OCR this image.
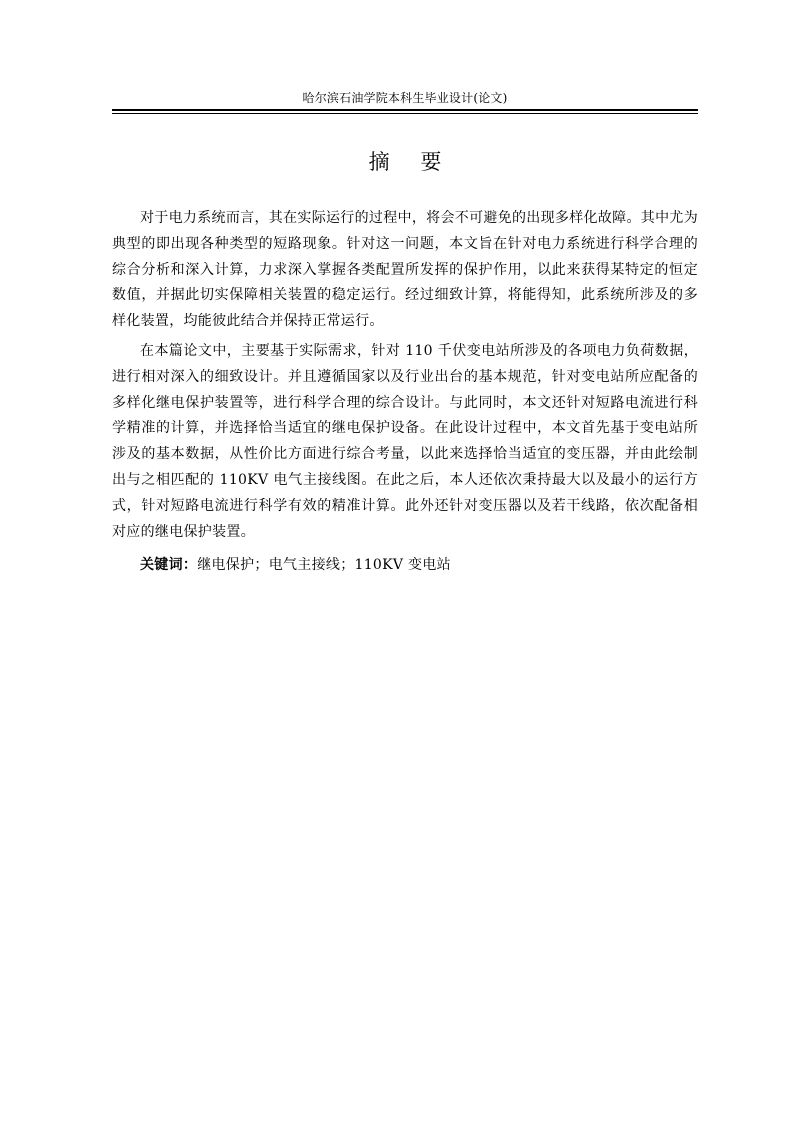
哈尔滨石油学院本科生毕业设计(论文)
摘 要

对于电力系统而言，其在实际运行的过程中，将会不可避免的出现多样化故障。其中尤为典型的即出现各种类型的短路现象。针对这一问题，本文旨在针对电力系统进行科学合理的综合分析和深入计算，力求深入掌握各类配置所发挥的保护作用，以此来获得某特定的恒定数值，并据此切实保障相关装置的稳定运行。经过细致计算，将能得知，此系统所涉及的多样化装置，均能彼此结合并保持正常运行。

在本篇论文中，主要基于实际需求，针对 110 千伏变电站所涉及的各项电力负荷数据，进行相对深入的细致设计。并且遵循国家以及行业出台的基本规范，针对变电站所应配备的多样化继电保护装置等，进行科学合理的综合设计。与此同时，本文还针对短路电流进行科学精准的计算，并选择恰当适宜的继电保护设备。在此设计过程中，本文首先基于变电站所涉及的基本数据，从性价比方面进行综合考量，以此来选择恰当适宜的变压器，并由此绘制出与之相匹配的 110KV 电气主接线图。在此之后，本人还依次秉持最大以及最小的运行方式，针对短路电流进行科学有效的精准计算。此外还针对变压器以及若干线路，依次配备相对应的继电保护装置。

关键词：继电保护；电气主接线；110KV 变电站
